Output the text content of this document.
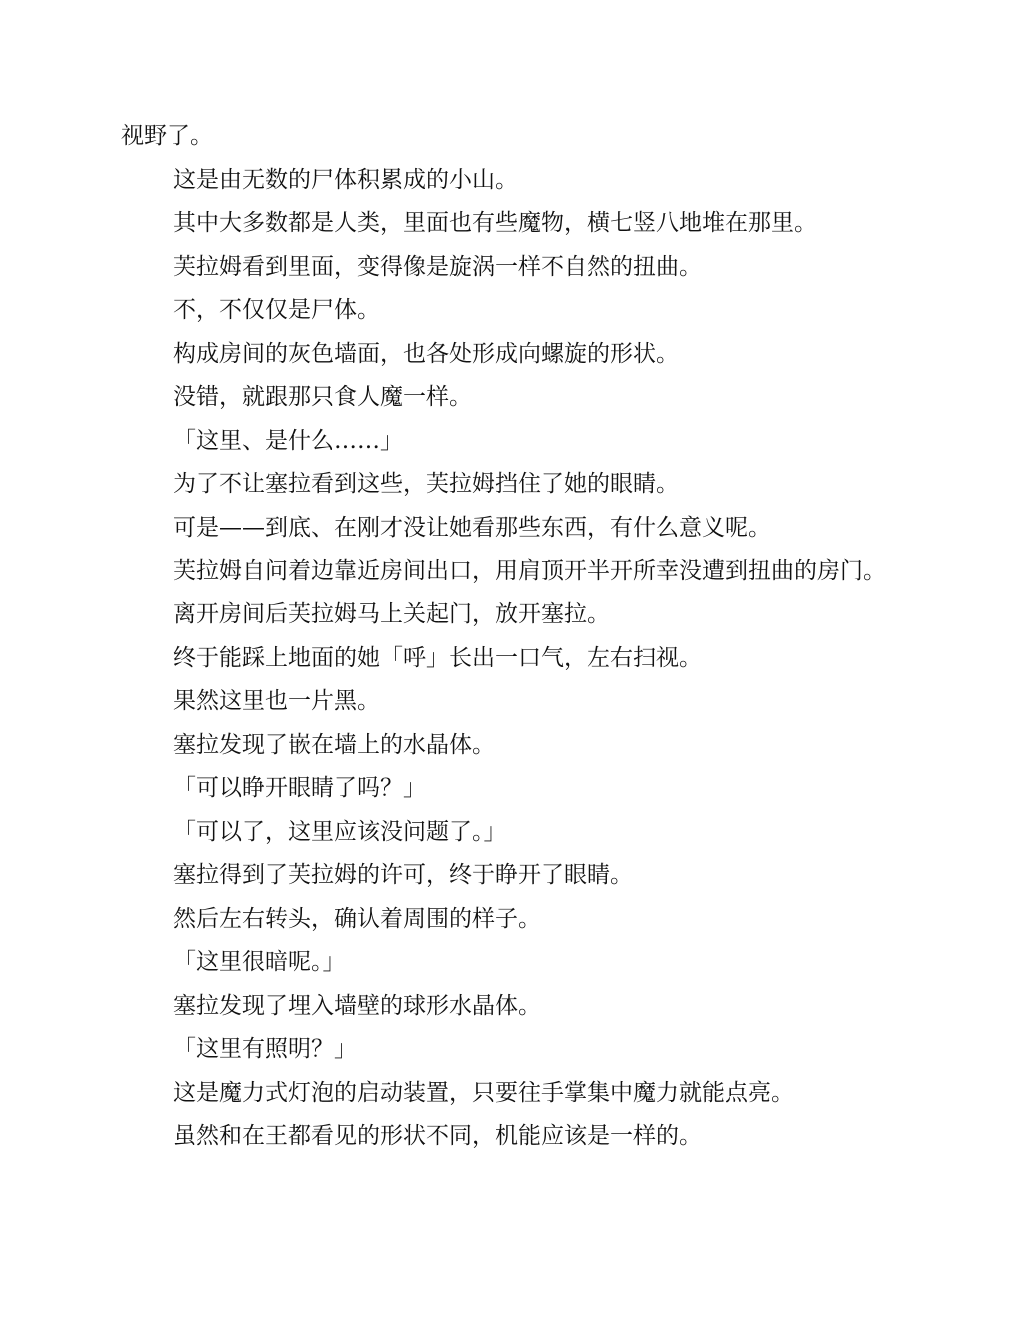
视野了。

这是由无数的尸体积累成的小山。

其中大多数都是人类，里面也有些魔物，横七竖八地堆在那里。

芙拉姆看到里面，变得像是旋涡一样不自然的扭曲。

不，不仅仅是尸体。

构成房间的灰色墙面，也各处形成向螺旋的形状。

没错，就跟那只食人魔一样。

「这里、是什么……」

为了不让塞拉看到这些，芙拉姆挡住了她的眼睛。

可是——到底、在刚才没让她看那些东西，有什么意义呢。

芙拉姆自问着边靠近房间出口，用肩顶开半开所幸没遭到扭曲的房门。

离开房间后芙拉姆马上关起门，放开塞拉。

终于能踩上地面的她「呼」长出一口气，左右扫视。

果然这里也一片黑。

塞拉发现了嵌在墙上的水晶体。

「可以睁开眼睛了吗？」

「可以了，这里应该没问题了。」

塞拉得到了芙拉姆的许可，终于睁开了眼睛。

然后左右转头，确认着周围的样子。

「这里很暗呢。」

塞拉发现了埋入墙壁的球形水晶体。

「这里有照明？」

这是魔力式灯泡的启动装置，只要往手掌集中魔力就能点亮。

虽然和在王都看见的形状不同，机能应该是一样的。
